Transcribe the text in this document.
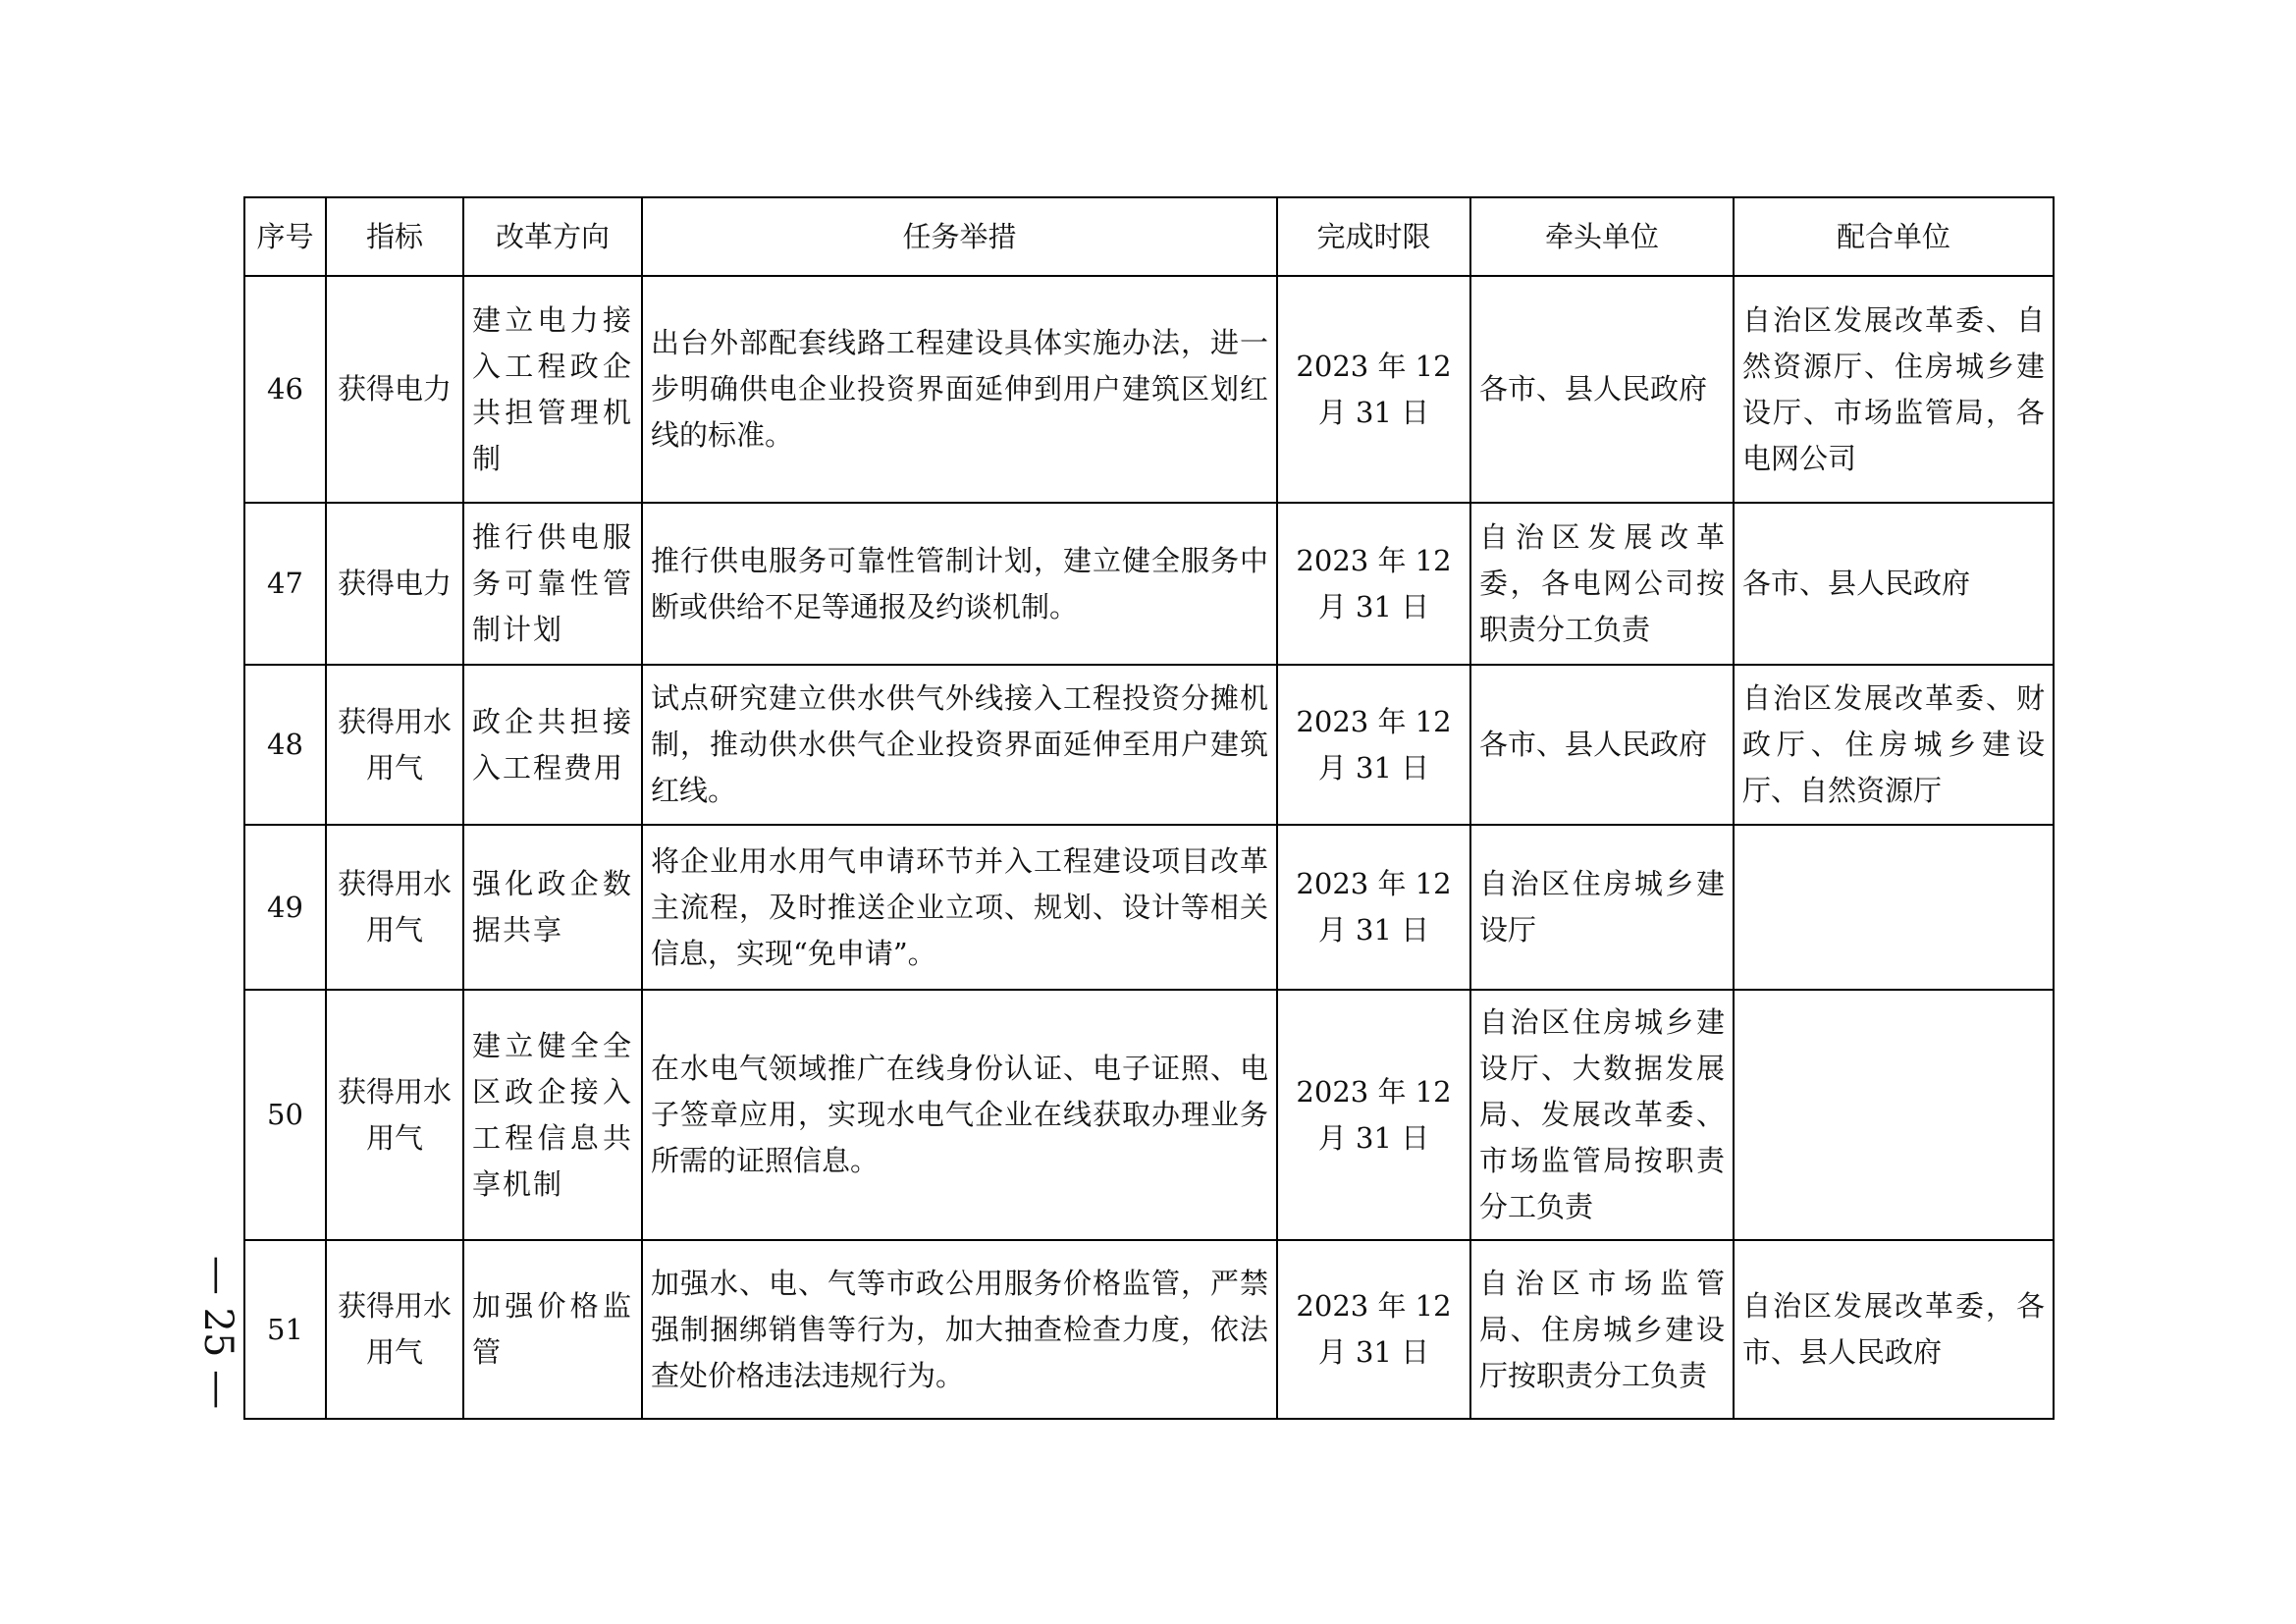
序号	指标	改革方向	任务举措	完成时限	牵头单位	配合单位
46	获得电力	建立电力接入工程政企共担管理机制	出台外部配套线路工程建设具体实施办法，进一步明确供电企业投资界面延伸到用户建筑区划红线的标准。	2023 年 12 月 31 日	各市、县人民政府	自治区发展改革委、自然资源厅、住房城乡建设厅、市场监管局，各电网公司
47	获得电力	推行供电服务可靠性管制计划	推行供电服务可靠性管制计划，建立健全服务中断或供给不足等通报及约谈机制。	2023 年 12 月 31 日	自治区发展改革委，各电网公司按职责分工负责	各市、县人民政府
48	获得用水用气	政企共担接入工程费用	试点研究建立供水供气外线接入工程投资分摊机制，推动供水供气企业投资界面延伸至用户建筑红线。	2023 年 12 月 31 日	各市、县人民政府	自治区发展改革委、财政厅、住房城乡建设厅、自然资源厅
49	获得用水用气	强化政企数据共享	将企业用水用气申请环节并入工程建设项目改革主流程，及时推送企业立项、规划、设计等相关信息，实现“免申请”。	2023 年 12 月 31 日	自治区住房城乡建设厅	
50	获得用水用气	建立健全全区政企接入工程信息共享机制	在水电气领域推广在线身份认证、电子证照、电子签章应用，实现水电气企业在线获取办理业务所需的证照信息。	2023 年 12 月 31 日	自治区住房城乡建设厅、大数据发展局、发展改革委、市场监管局按职责分工负责	
51	获得用水用气	加强价格监管	加强水、电、气等市政公用服务价格监管，严禁强制捆绑销售等行为，加大抽查检查力度，依法查处价格违法违规行为。	2023 年 12 月 31 日	自治区市场监管局、住房城乡建设厅按职责分工负责	自治区发展改革委，各市、县人民政府
— 25 —
